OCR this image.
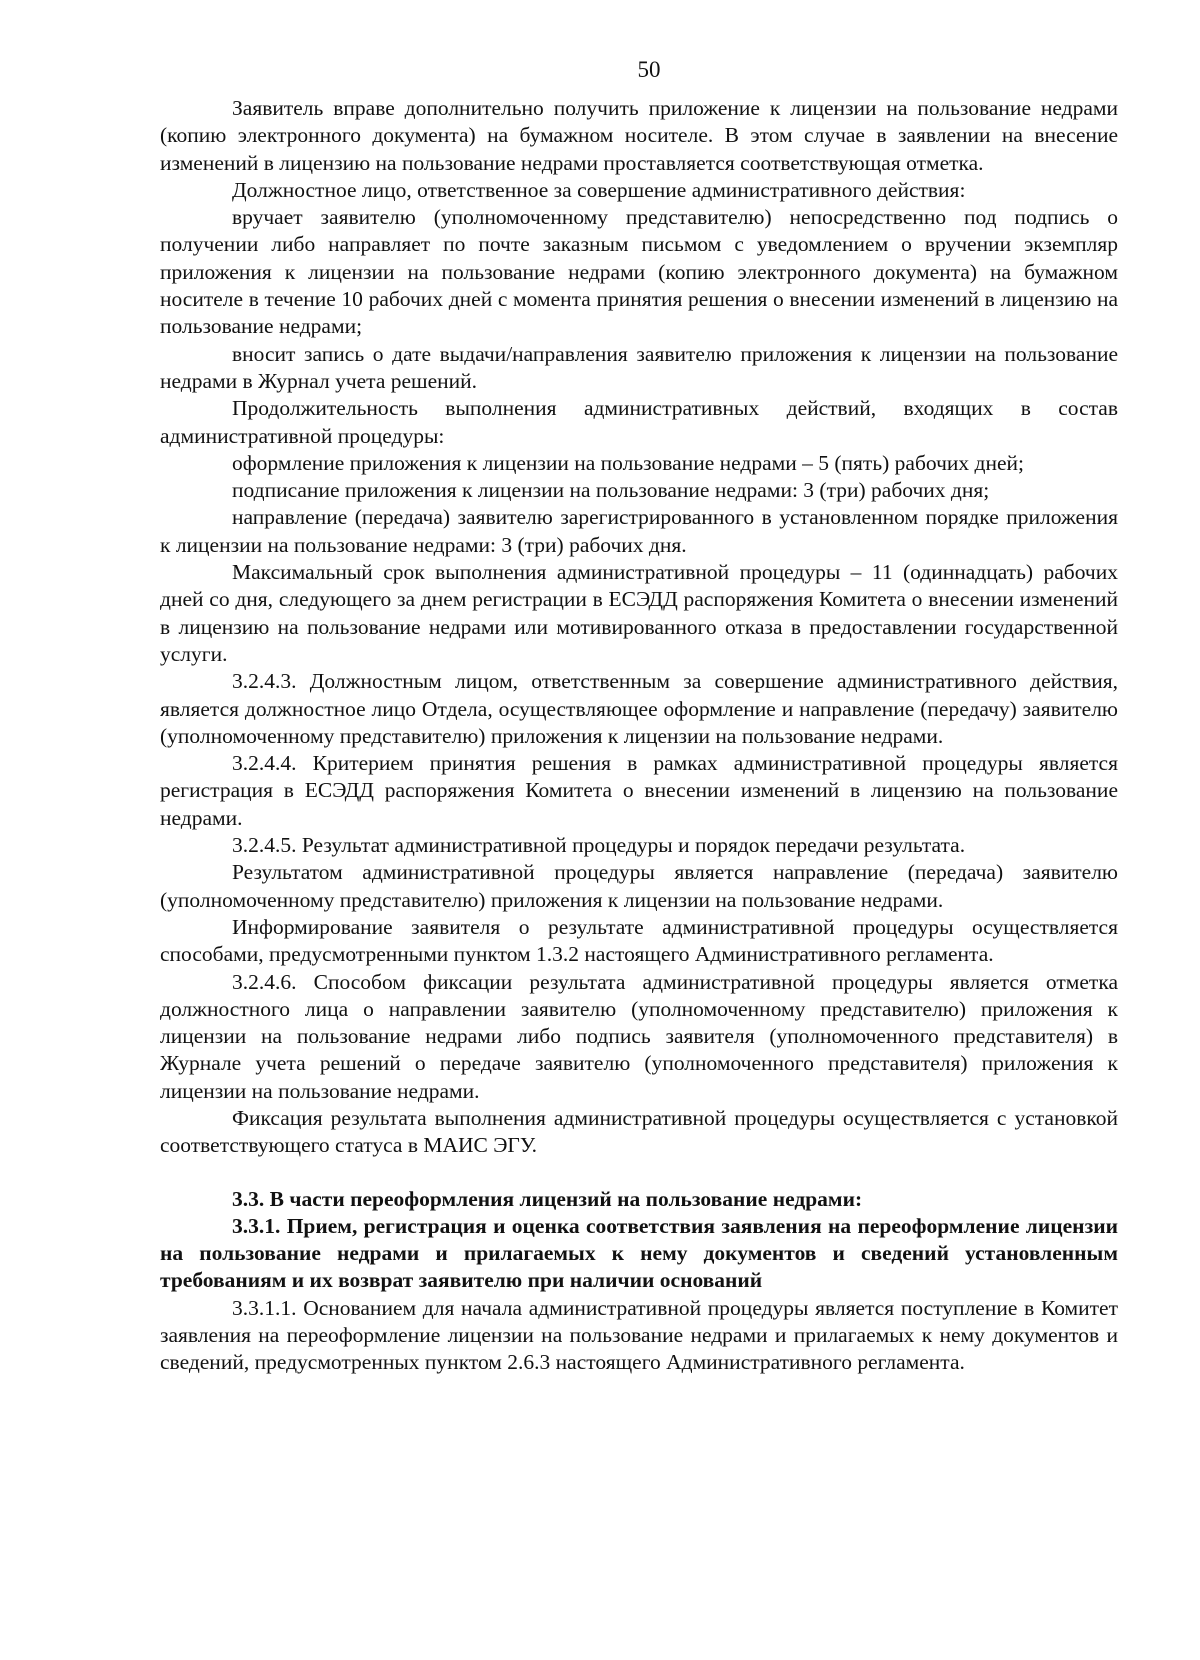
50

Заявитель вправе дополнительно получить приложение к лицензии на пользование недрами (копию электронного документа) на бумажном носителе. В этом случае в заявлении на внесение изменений в лицензию на пользование недрами проставляется соответствующая отметка.

Должностное лицо, ответственное за совершение административного действия:

вручает заявителю (уполномоченному представителю) непосредственно под подпись о получении либо направляет по почте заказным письмом с уведомлением о вручении экземпляр приложения к лицензии на пользование недрами (копию электронного документа) на бумажном носителе в течение 10 рабочих дней с момента принятия решения о внесении изменений в лицензию на пользование недрами;

вносит запись о дате выдачи/направления заявителю приложения к лицензии на пользование недрами в Журнал учета решений.

Продолжительность выполнения административных действий, входящих в состав административной процедуры:

оформление приложения к лицензии на пользование недрами – 5 (пять) рабочих дней;

подписание приложения к лицензии на пользование недрами: 3 (три) рабочих дня;

направление (передача) заявителю зарегистрированного в установленном порядке приложения к лицензии на пользование недрами: 3 (три) рабочих дня.

Максимальный срок выполнения административной процедуры – 11 (одиннадцать) рабочих дней со дня, следующего за днем регистрации в ЕСЭДД распоряжения Комитета о внесении изменений в лицензию на пользование недрами или мотивированного отказа в предоставлении государственной услуги.

3.2.4.3. Должностным лицом, ответственным за совершение административного действия, является должностное лицо Отдела, осуществляющее оформление и направление (передачу) заявителю (уполномоченному представителю) приложения к лицензии на пользование недрами.

3.2.4.4. Критерием принятия решения в рамках административной процедуры является регистрация в ЕСЭДД распоряжения Комитета о внесении изменений в лицензию на пользование недрами.

3.2.4.5. Результат административной процедуры и порядок передачи результата.

Результатом административной процедуры является направление (передача) заявителю (уполномоченному представителю) приложения к лицензии на пользование недрами.

Информирование заявителя о результате административной процедуры осуществляется способами, предусмотренными пунктом 1.3.2 настоящего Административного регламента.

3.2.4.6. Способом фиксации результата административной процедуры является отметка должностного лица о направлении заявителю (уполномоченному представителю) приложения к лицензии на пользование недрами либо подпись заявителя (уполномоченного представителя) в Журнале учета решений о передаче заявителю (уполномоченного представителя) приложения к лицензии на пользование недрами.

Фиксация результата выполнения административной процедуры осуществляется с установкой соответствующего статуса в МАИС ЭГУ.

3.3. В части переоформления лицензий на пользование недрами:

3.3.1. Прием, регистрация и оценка соответствия заявления на переоформление лицензии на пользование недрами и прилагаемых к нему документов и сведений установленным требованиям и их возврат заявителю при наличии оснований

3.3.1.1. Основанием для начала административной процедуры является поступление в Комитет заявления на переоформление лицензии на пользование недрами и прилагаемых к нему документов и сведений, предусмотренных пунктом 2.6.3 настоящего Административного регламента.
